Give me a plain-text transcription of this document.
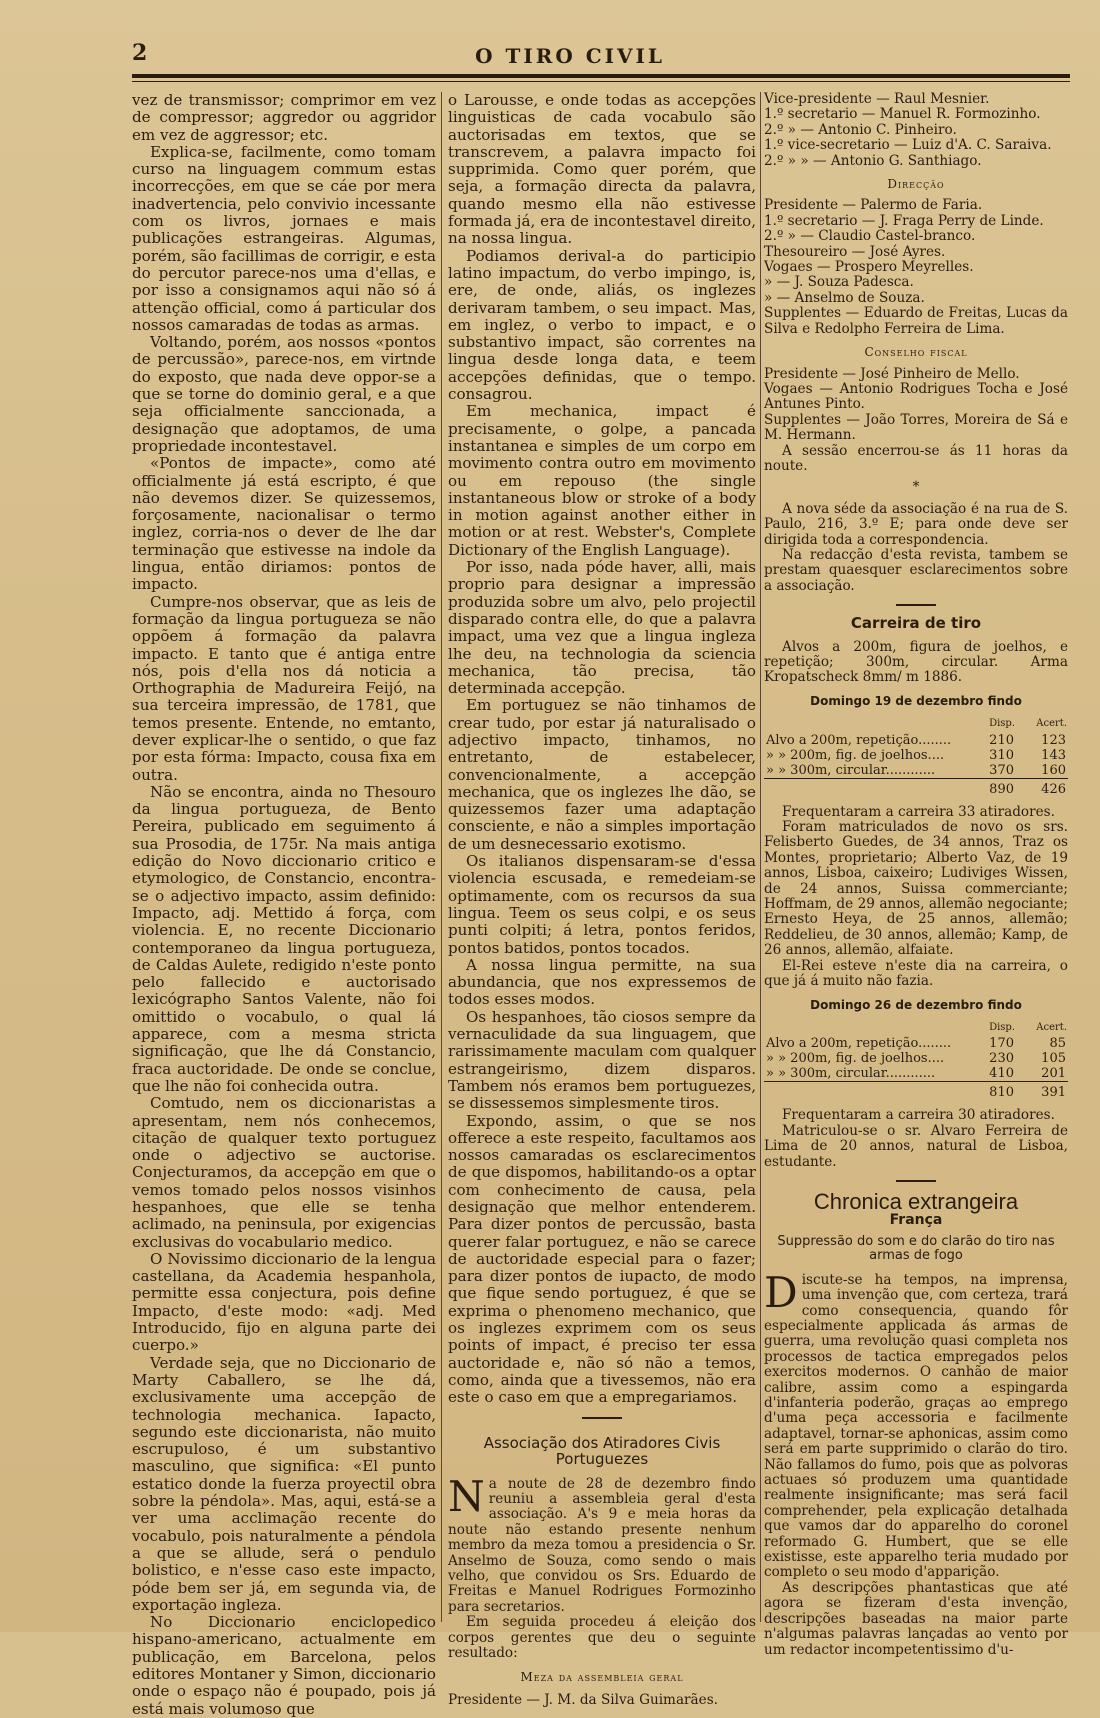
2	O TIRO CIVIL

vez de transmissor; comprimor em vez de compressor; aggredor ou aggridor em vez de aggressor; etc.

Explica-se, facilmente, como tomam curso na linguagem commum estas incorrecções, em que se cáe por mera inadvertencia, pelo convivio incessante com os livros, jornaes e mais publicações estrangeiras. Algumas, porém, são facillimas de corrigir, e esta do percutor parece-nos uma d'ellas, e por isso a consignamos aqui não só á attenção official, como á particular dos nossos camaradas de todas as armas.

Voltando, porém, aos nossos «pontos de percussão», parece-nos, em virtnde do exposto, que nada deve oppor-se a que se torne do dominio geral, e a que seja officialmente sanccionada, a designação que adoptamos, de uma propriedade incontestavel.

«Pontos de impacte», como até officialmente já está escripto, é que não devemos dizer. Se quizessemos, forçosamente, nacionalisar o termo inglez, corria-nos o dever de lhe dar terminação que estivesse na indole da lingua, então diriamos: pontos de impacto.

Cumpre-nos observar, que as leis de formação da lingua portugueza se não oppõem á formação da palavra impacto. E tanto que é antiga entre nós, pois d'ella nos dá noticia a Orthographia de Madureira Feijó, na sua terceira impressão, de 1781, que temos presente. Entende, no emtanto, dever explicar-lhe o sentido, o que faz por esta fórma: Impacto, cousa fixa em outra.

Não se encontra, ainda no Thesouro da lingua portugueza, de Bento Pereira, publicado em seguimento á sua Prosodia, de 175r. Na mais antiga edição do Novo diccionario critico e etymologico, de Constancio, encontra-se o adjectivo impacto, assim definido: Impacto, adj. Mettido á força, com violencia. E, no recente Diccionario contemporaneo da lingua portugueza, de Caldas Aulete, redigido n'este ponto pelo fallecido e auctorisado lexicógrapho Santos Valente, não foi omittido o vocabulo, o qual lá apparece, com a mesma stricta significação, que lhe dá Constancio, fraca auctoridade. De onde se conclue, que lhe não foi conhecida outra.

Comtudo, nem os diccionaristas a apresentam, nem nós conhecemos, citação de qualquer texto portuguez onde o adjectivo se auctorise. Conjecturamos, da accepção em que o vemos tomado pelos nossos visinhos hespanhoes, que elle se tenha aclimado, na peninsula, por exigencias exclusivas do vocabulario medico.

O Novissimo diccionario de la lengua castellana, da Academia hespanhola, permitte essa conjectura, pois define Impacto, d'este modo: «adj. Med Introducido, fijo en alguna parte dei cuerpo.»

Verdade seja, que no Diccionario de Marty Caballero, se lhe dá, exclusivamente uma accepção de technologia mechanica. Iapacto, segundo este diccionarista, não muito escrupuloso, é um substantivo masculino, que significa: «El punto estatico donde la fuerza proyectil obra sobre la péndola». Mas, aqui, está-se a ver uma acclimação recente do vocabulo, pois naturalmente a péndola a que se allude, será o pendulo bolistico, e n'esse caso este impacto, póde bem ser já, em segunda via, de exportação ingleza.

No Diccionario enciclopedico hispano-americano, actualmente em publicação, em Barcelona, pelos editores Montaner y Simon, diccionario onde o espaço não é poupado, pois já está mais volumoso que

o Larousse, e onde todas as accepções linguisticas de cada vocabulo são auctorisadas em textos, que se transcrevem, a palavra impacto foi supprimida. Como quer porém, que seja, a formação directa da palavra, quando mesmo ella não estivesse formada já, era de incontestavel direito, na nossa lingua.

Podiamos derival-a do participio latino impactum, do verbo impingo, is, ere, de onde, aliás, os inglezes derivaram tambem, o seu impact. Mas, em inglez, o verbo to impact, e o substantivo impact, são correntes na lingua desde longa data, e teem accepções definidas, que o tempo. consagrou.

Em mechanica, impact é precisamente, o golpe, a pancada instantanea e simples de um corpo em movimento contra outro em movimento ou em repouso (the single instantaneous blow or stroke of a body in motion against another either in motion or at rest. Webster's, Complete Dictionary of the English Language).

Por isso, nada póde haver, alli, mais proprio para designar a impressão produzida sobre um alvo, pelo projectil disparado contra elle, do que a palavra impact, uma vez que a lingua ingleza lhe deu, na technologia da sciencia mechanica, tão precisa, tão determinada accepção.

Em portuguez se não tinhamos de crear tudo, por estar já naturalisado o adjectivo impacto, tinhamos, no entretanto, de estabelecer, convencionalmente, a accepção mechanica, que os inglezes lhe dão, se quizessemos fazer uma adaptação consciente, e não a simples importação de um desnecessario exotismo.

Os italianos dispensaram-se d'essa violencia escusada, e remedeiam-se optimamente, com os recursos da sua lingua. Teem os seus colpi, e os seus punti colpiti; á letra, pontos feridos, pontos batidos, pontos tocados.

A nossa lingua permitte, na sua abundancia, que nos expressemos de todos esses modos.

Os hespanhoes, tão ciosos sempre da vernaculidade da sua linguagem, que rarissimamente maculam com qualquer estrangeirismo, dizem disparos. Tambem nós eramos bem portuguezes, se dissessemos simplesmente tiros.

Expondo, assim, o que se nos offerece a este respeito, facultamos aos nossos camaradas os esclarecimentos de que dispomos, habilitando-os a optar com conhecimento de causa, pela designação que melhor entenderem. Para dizer pontos de percussão, basta querer falar portuguez, e não se carece de auctoridade especial para o fazer; para dizer pontos de iupacto, de modo que fique sendo portuguez, é que se exprima o phenomeno mechanico, que os inglezes exprimem com os seus points of impact, é preciso ter essa auctoridade e, não só não a temos, como, ainda que a tivessemos, não era este o caso em que a empregariamos.

Associação dos Atiradores Civis Portuguezes

Na noute de 28 de dezembro findo reuniu a assembleia geral d'esta associação. A's 9 e meia horas da noute não estando presente nenhum membro da meza tomou a presidencia o Sr. Anselmo de Souza, como sendo o mais velho, que convidou os Srs. Eduardo de Freitas e Manuel Rodrigues Formozinho para secretarios.

Em seguida procedeu á eleição dos corpos gerentes que deu o seguinte resultado:

Meza da assembleia geral

Presidente — J. M. da Silva Guimarães.

Vice-presidente — Raul Mesnier.

1.º secretario — Manuel R. Formozinho.

2.º » — Antonio C. Pinheiro.

1.º vice-secretario — Luiz d'A. C. Saraiva.

2.º » » — Antonio G. Santhiago.

Direcção

Presidente — Palermo de Faria.

1.º secretario — J. Fraga Perry de Linde.

2.º » — Claudio Castel-branco.

Thesoureiro — José Ayres.

Vogaes — Prospero Meyrelles.

» — J. Souza Padesca.

» — Anselmo de Souza.

Supplentes — Eduardo de Freitas, Lucas da Silva e Redolpho Ferreira de Lima.

Conselho fiscal

Presidente — José Pinheiro de Mello.

Vogaes — Antonio Rodrigues Tocha e José Antunes Pinto.

Supplentes — João Torres, Moreira de Sá e M. Hermann.

A sessão encerrou-se ás 11 horas da noute.

*

A nova séde da associação é na rua de S. Paulo, 216, 3.º E; para onde deve ser dirigida toda a correspondencia.

Na redacção d'esta revista, tambem se prestam quaesquer esclarecimentos sobre a associação.

Carreira de tiro

Alvos a 200m, figura de joelhos, e repetição; 300m, circular. Arma Kropatscheck 8mm/ m 1886.

Domingo 19 de dezembro findo
	Disp.	Acert.
Alvo a 200m, repetição........	210	123
» » 200m, fig. de joelhos....	310	143
» » 300m, circular............	370	160
	890	426

Frequentaram a carreira 33 atiradores.

Foram matriculados de novo os srs. Felisberto Guedes, de 34 annos, Traz os Montes, proprietario; Alberto Vaz, de 19 annos, Lisboa, caixeiro; Ludiviges Wissen, de 24 annos, Suissa commerciante; Hoffmam, de 29 annos, allemão negociante; Ernesto Heya, de 25 annos, allemão; Reddelieu, de 30 annos, allemão; Kamp, de 26 annos, allemão, alfaiate.

El-Rei esteve n'este dia na carreira, o que já á muito não fazia.

Domingo 26 de dezembro findo
	Disp.	Acert.
Alvo a 200m, repetição........	170	85
» » 200m, fig. de joelhos....	230	105
» » 300m, circular............	410	201
	810	391

Frequentaram a carreira 30 atiradores.

Matriculou-se o sr. Alvaro Ferreira de Lima de 20 annos, natural de Lisboa, estudante.

Chronica extrangeira
França
Suppressão do som e do clarão do tiro nas armas de fogo

Discute-se ha tempos, na imprensa, uma invenção que, com certeza, trará como consequencia, quando fôr especialmente applicada ás armas de guerra, uma revolução quasi completa nos processos de tactica empregados pelos exercitos modernos. O canhão de maior calibre, assim como a espingarda d'infanteria poderão, graças ao emprego d'uma peça accessoria e facilmente adaptavel, tornar-se aphonicas, assim como será em parte supprimido o clarão do tiro. Não fallamos do fumo, pois que as polvoras actuaes só produzem uma quantidade realmente insignificante; mas será facil comprehender, pela explicação detalhada que vamos dar do apparelho do coronel reformado G. Humbert, que se elle existisse, este apparelho teria mudado por completo o seu modo d'apparição.

As descripções phantasticas que até agora se fizeram d'esta invenção, descripções baseadas na maior parte n'algumas palavras lançadas ao vento por um redactor incompetentissimo d'u-
